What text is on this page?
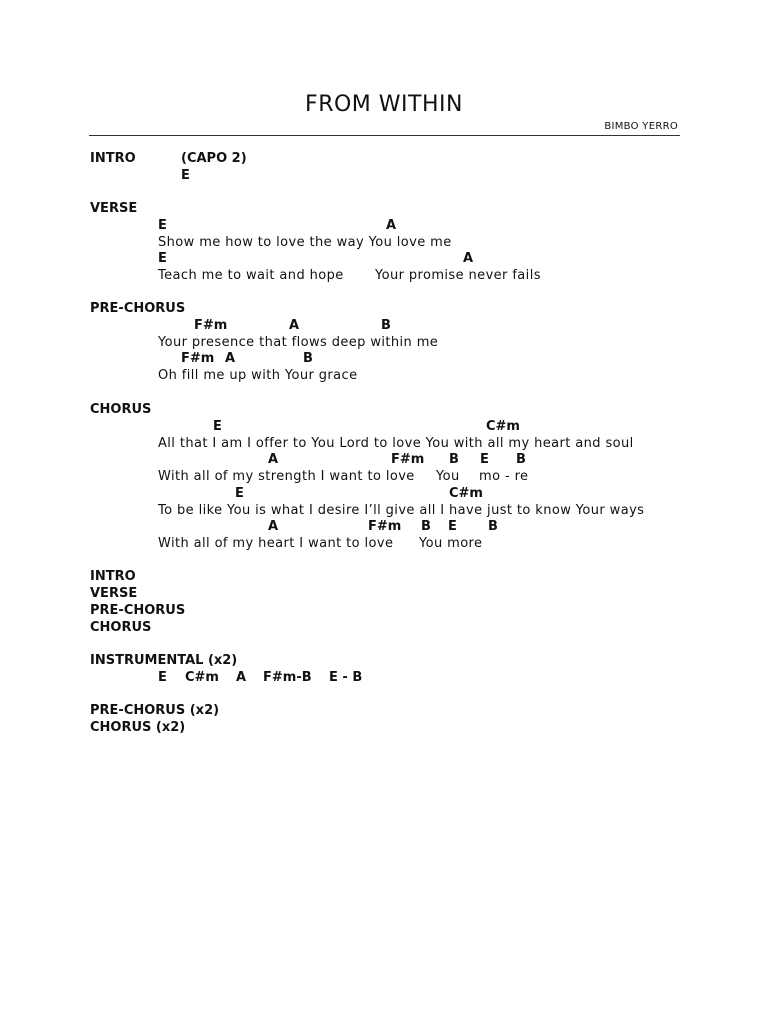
FROM WITHIN
BIMBO YERRO
INTRO	(CAPO 2)
E
VERSE
E	A
Show me how to love the way You love me
E	A
Teach me to wait and hope Your promise never fails
PRE-CHORUS
F#m	A	B
Your presence that flows deep within me
F#m A	B
Oh fill me up with Your grace
CHORUS
E	C#m
All that I am I offer to You Lord to love You with all my heart and soul
A	F#m B E B
With all of my strength I want to love You mo - re
E	C#m
To be like You is what I desire I’ll give all I have just to know Your ways
A	F#m B E B
With all of my heart I want to love You more
INTRO
VERSE
PRE-CHORUS
CHORUS
INSTRUMENTAL (x2)
E C#m A F#m-B E - B
PRE-CHORUS (x2)
CHORUS (x2)
